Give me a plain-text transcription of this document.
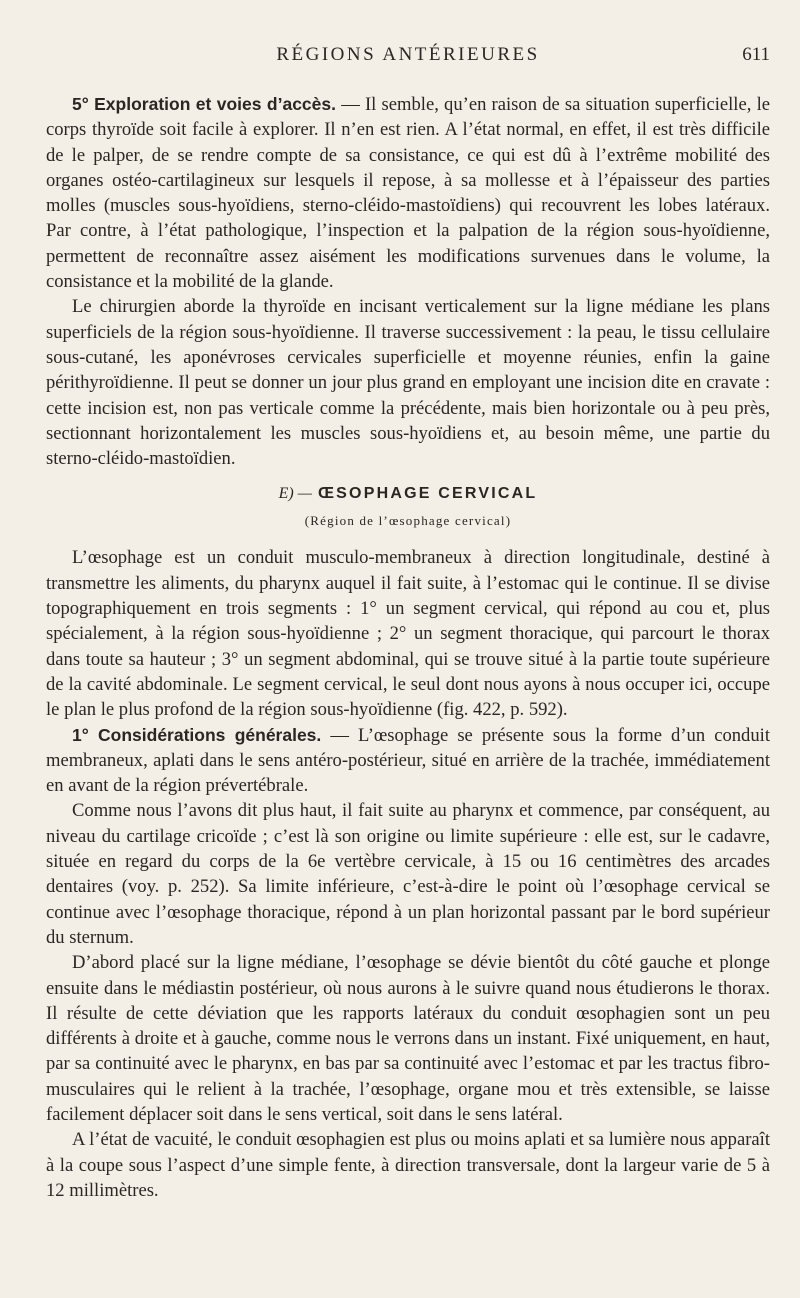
RÉGIONS ANTÉRIEURES	611

5° Exploration et voies d’accès. — Il semble, qu’en raison de sa situation superficielle, le corps thyroïde soit facile à explorer. Il n’en est rien. A l’état normal, en effet, il est très difficile de le palper, de se rendre compte de sa consistance, ce qui est dû à l’extrême mobilité des organes ostéo-cartilagineux sur lesquels il repose, à sa mollesse et à l’épaisseur des parties molles (muscles sous-hyoïdiens, sterno-cléido-mastoïdiens) qui recouvrent les lobes latéraux. Par contre, à l’état pathologique, l’inspection et la palpation de la région sous-hyoïdienne, permettent de reconnaître assez aisément les modifications survenues dans le volume, la consistance et la mobilité de la glande.

Le chirurgien aborde la thyroïde en incisant verticalement sur la ligne médiane les plans superficiels de la région sous-hyoïdienne. Il traverse successivement : la peau, le tissu cellulaire sous-cutané, les aponévroses cervicales superficielle et moyenne réunies, enfin la gaine périthyroïdienne. Il peut se donner un jour plus grand en employant une incision dite en cravate : cette incision est, non pas verticale comme la précédente, mais bien horizontale ou à peu près, sectionnant horizontalement les muscles sous-hyoïdiens et, au besoin même, une partie du sterno-cléido-mastoïdien.

E) — ŒSOPHAGE CERVICAL
(Région de l’œsophage cervical)

L’œsophage est un conduit musculo-membraneux à direction longitudinale, destiné à transmettre les aliments, du pharynx auquel il fait suite, à l’estomac qui le continue. Il se divise topographiquement en trois segments : 1° un segment cervical, qui répond au cou et, plus spécialement, à la région sous-hyoïdienne ; 2° un segment thoracique, qui parcourt le thorax dans toute sa hauteur ; 3° un segment abdominal, qui se trouve situé à la partie toute supérieure de la cavité abdominale. Le segment cervical, le seul dont nous ayons à nous occuper ici, occupe le plan le plus profond de la région sous-hyoïdienne (fig. 422, p. 592).

1° Considérations générales. — L’œsophage se présente sous la forme d’un conduit membraneux, aplati dans le sens antéro-postérieur, situé en arrière de la trachée, immédiatement en avant de la région prévertébrale.

Comme nous l’avons dit plus haut, il fait suite au pharynx et commence, par conséquent, au niveau du cartilage cricoïde ; c’est là son origine ou limite supérieure : elle est, sur le cadavre, située en regard du corps de la 6e vertèbre cervicale, à 15 ou 16 centimètres des arcades dentaires (voy. p. 252). Sa limite inférieure, c’est-à-dire le point où l’œsophage cervical se continue avec l’œsophage thoracique, répond à un plan horizontal passant par le bord supérieur du sternum.

D’abord placé sur la ligne médiane, l’œsophage se dévie bientôt du côté gauche et plonge ensuite dans le médiastin postérieur, où nous aurons à le suivre quand nous étudierons le thorax. Il résulte de cette déviation que les rapports latéraux du conduit œsophagien sont un peu différents à droite et à gauche, comme nous le verrons dans un instant. Fixé uniquement, en haut, par sa continuité avec le pharynx, en bas par sa continuité avec l’estomac et par les tractus fibro-musculaires qui le relient à la trachée, l’œsophage, organe mou et très extensible, se laisse facilement déplacer soit dans le sens vertical, soit dans le sens latéral.

A l’état de vacuité, le conduit œsophagien est plus ou moins aplati et sa lumière nous apparaît à la coupe sous l’aspect d’une simple fente, à direction transversale, dont la largeur varie de 5 à 12 millimètres.
